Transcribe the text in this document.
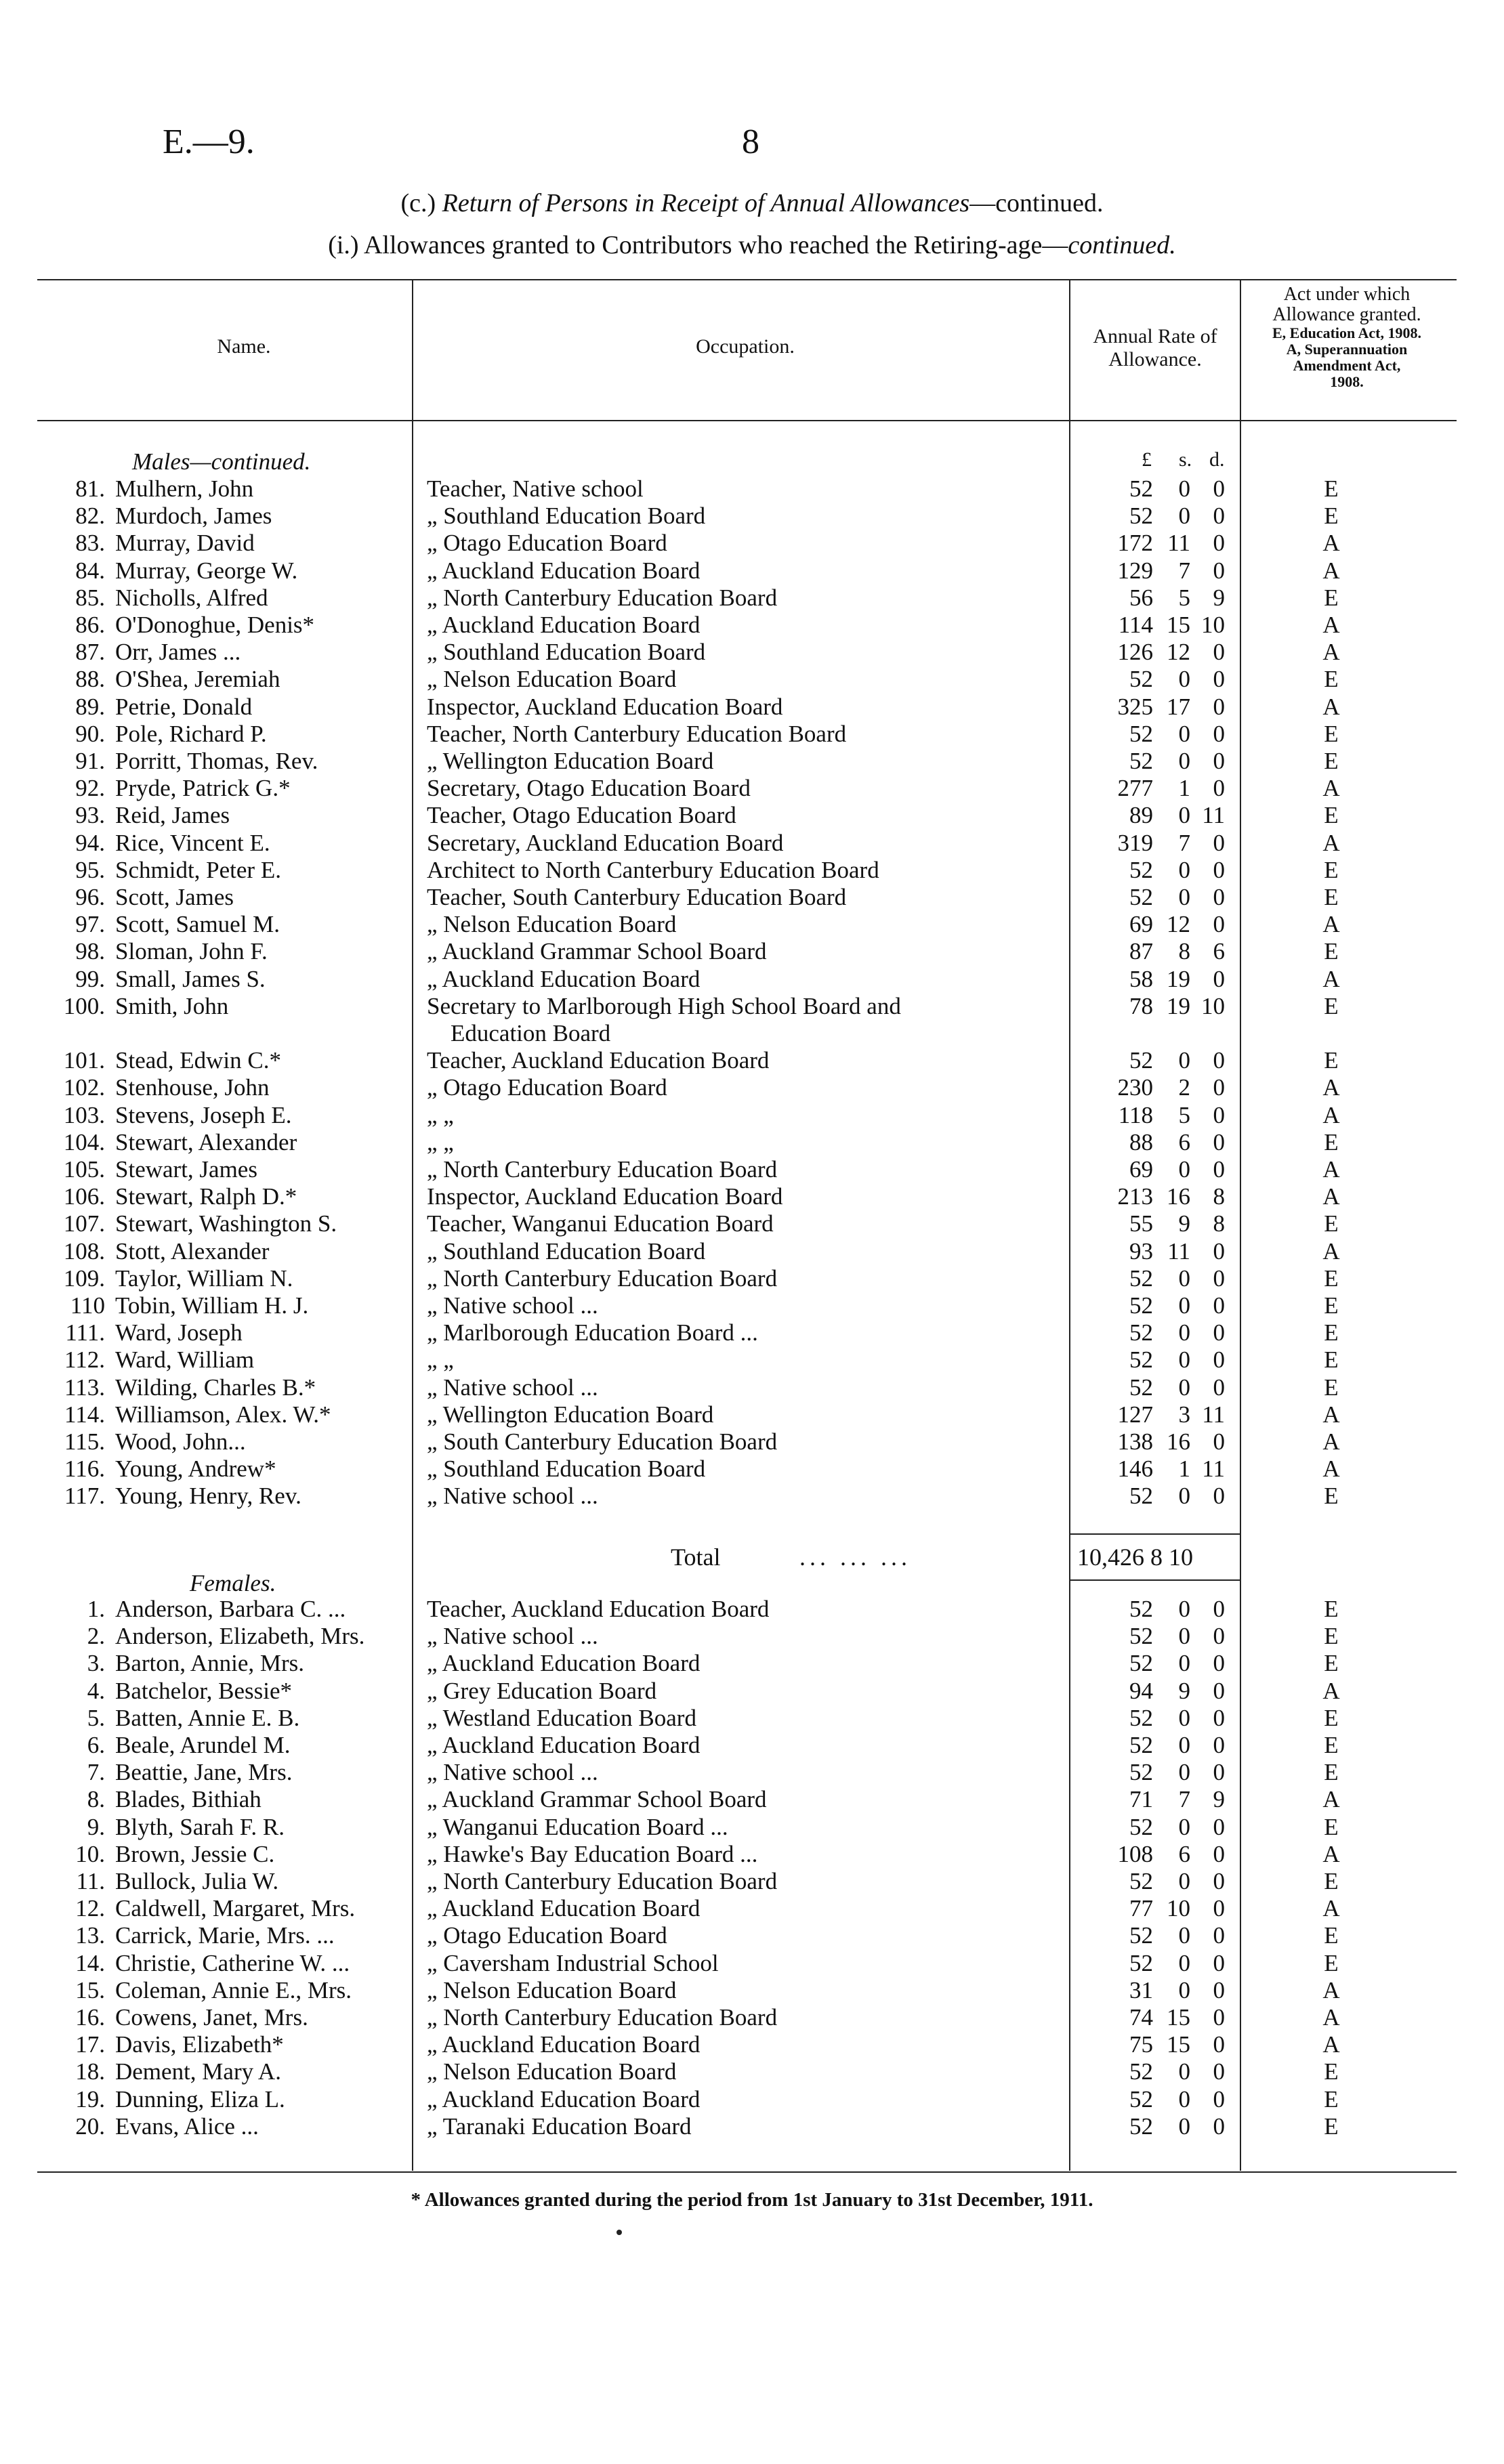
E.—9.	8
(c.) Return of Persons in Receipt of Annual Allowances—continued.
(i.) Allowances granted to Contributors who reached the Retiring-age—continued.
Name.	Occupation.	Annual Rate of
Allowance.
Act under which
Allowance granted.
E, Education Act, 1908.
A, Superannuation
Amendment Act,
1908.
Males—continued.	£ s. d.
81. Mulhern, John	Teacher, Native school	52	0 0	E
82. Murdoch, James	„ Southland Education Board	52	0 0	E
83. Murray, David	„ Otago Education Board	172 11 0	A
84. Murray, George W.	„ Auckland Education Board	129	7 0	A
85. Nicholls, Alfred	„ North Canterbury Education Board	56	5 9	E
86. O'Donoghue, Denis*	„ Auckland Education Board	114 15 10	A
87. Orr, James ...	„ Southland Education Board	126 12 0	A
88. O'Shea, Jeremiah	„ Nelson Education Board	52	0 0	E
89. Petrie, Donald	Inspector, Auckland Education Board	325 17 0	A
90. Pole, Richard P.	Teacher, North Canterbury Education Board	52	0 0	E
91. Porritt, Thomas, Rev.	„ Wellington Education Board	52	0 0	E
92. Pryde, Patrick G.*	Secretary, Otago Education Board	277	1 0	A
93. Reid, James	Teacher, Otago Education Board	89	0 11	E
94. Rice, Vincent E.	Secretary, Auckland Education Board	319	7 0	A
95. Schmidt, Peter E.	Architect to North Canterbury Education Board	52	0 0	E
96. Scott, James	Teacher, South Canterbury Education Board	52	0 0	E
97. Scott, Samuel M.	„ Nelson Education Board	69 12 0	A
98. Sloman, John F.	„ Auckland Grammar School Board	87	8 6	E
99. Small, James S.	„ Auckland Education Board	58 19 0	A
100. Smith, John	Secretary to Marlborough High School Board and	78 19 10	E
Education Board
101. Stead, Edwin C.*	Teacher, Auckland Education Board	52	0 0	E
102. Stenhouse, John	„ Otago Education Board	230	2 0	A
103. Stevens, Joseph E.	„ „	118	5 0	A
104. Stewart, Alexander	„ „	88	6 0	E
105. Stewart, James	„ North Canterbury Education Board	69	0 0	A
106. Stewart, Ralph D.*	Inspector, Auckland Education Board	213 16 8	A
107. Stewart, Washington S.	Teacher, Wanganui Education Board	55	9 8	E
108. Stott, Alexander	„ Southland Education Board	93 11 0	A
109. Taylor, William N.	„ North Canterbury Education Board	52	0 0	E
110 Tobin, William H. J.	„ Native school ...	52	0 0	E
111. Ward, Joseph	„ Marlborough Education Board ...	52	0 0	E
112. Ward, William	„ „	52	0 0	E
113. Wilding, Charles B.*	„ Native school ...	52	0 0	E
114. Williamson, Alex. W.*	„ Wellington Education Board	127	3 11	A
115. Wood, John...	„ South Canterbury Education Board	138 16 0	A
116. Young, Andrew*	„ Southland Education Board	146	1 11	A
117. Young, Henry, Rev.	„ Native school ...	52	0 0	E
1. Anderson, Barbara C. ...	Teacher, Auckland Education Board	52	0 0	E
2. Anderson, Elizabeth, Mrs.	„ Native school ...	52	0 0	E
3. Barton, Annie, Mrs.	„ Auckland Education Board	52	0 0	E
4. Batchelor, Bessie*	„ Grey Education Board	94	9 0	A
5. Batten, Annie E. B.	„ Westland Education Board	52	0 0	E
6. Beale, Arundel M.	„ Auckland Education Board	52	0 0	E
7. Beattie, Jane, Mrs.	„ Native school ...	52	0 0	E
8. Blades, Bithiah	„ Auckland Grammar School Board	71	7 9	A
9. Blyth, Sarah F. R.	„ Wanganui Education Board ...	52	0 0	E
10. Brown, Jessie C.	„ Hawke's Bay Education Board ...	108	6 0	A
11. Bullock, Julia W.	„ North Canterbury Education Board	52	0 0	E
12. Caldwell, Margaret, Mrs.	„ Auckland Education Board	77 10 0	A
13. Carrick, Marie, Mrs. ...	„ Otago Education Board	52	0 0	E
14. Christie, Catherine W. ...	„ Caversham Industrial School	52	0 0	E
15. Coleman, Annie E., Mrs.	„ Nelson Education Board	31	0 0	A
16. Cowens, Janet, Mrs.	„ North Canterbury Education Board	74 15 0	A
17. Davis, Elizabeth*	„ Auckland Education Board	75 15 0	A
18. Dement, Mary A.	„ Nelson Education Board	52	0 0	E
19. Dunning, Eliza L.	„ Auckland Education Board	52	0 0	E
20. Evans, Alice ...	„ Taranaki Education Board	52	0 0	E
Total	... ... ...	10,426 8 10
Females.
* Allowances granted during the period from 1st January to 31st December, 1911.
